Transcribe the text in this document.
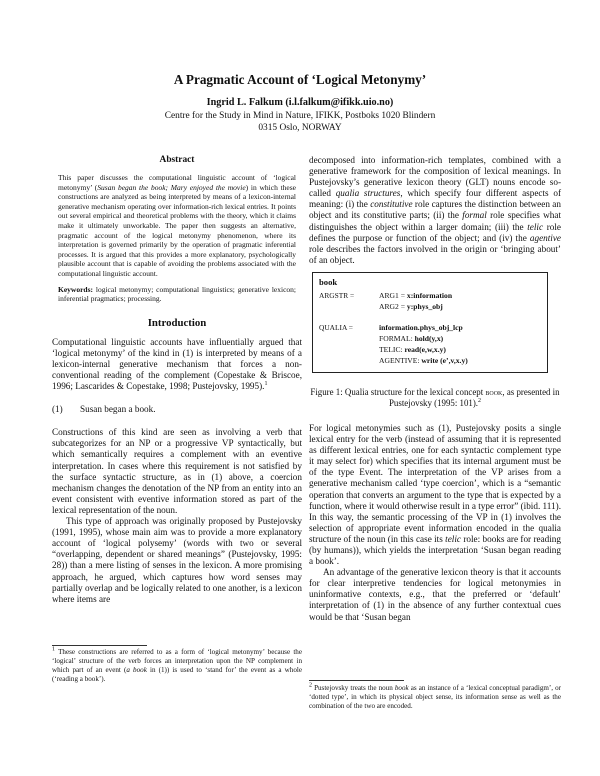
A Pragmatic Account of ‘Logical Metonymy’
Ingrid L. Falkum (i.l.falkum@ifikk.uio.no)
Centre for the Study in Mind in Nature, IFIKK, Postboks 1020 Blindern
0315 Oslo, NORWAY
Abstract
This paper discusses the computational linguistic account of ‘logical metonymy’ (Susan began the book; Mary enjoyed the movie) in which these constructions are analyzed as being interpreted by means of a lexicon-internal generative mechanism operating over information-rich lexical entries. It points out several empirical and theoretical problems with the theory, which it claims make it ultimately unworkable. The paper then suggests an alternative, pragmatic account of the logical metonymy phenomenon, where its interpretation is governed primarily by the operation of pragmatic inferential processes. It is argued that this provides a more explanatory, psychologically plausible account that is capable of avoiding the problems associated with the computational linguistic account.
Keywords: logical metonymy; computational linguistics; generative lexicon; inferential pragmatics; processing.
Introduction

Computational linguistic accounts have influentially argued that ‘logical metonymy’ of the kind in (1) is interpreted by means of a lexicon-internal generative mechanism that forces a non-conventional reading of the complement (Copestake & Briscoe, 1996; Lascarides & Copestake, 1998; Pustejovsky, 1995).$^1$

(1) Susan began a book.

Constructions of this kind are seen as involving a verb that subcategorizes for an NP or a progressive VP syntactically, but which semantically requires a complement with an eventive interpretation. In cases where this requirement is not satisfied by the surface syntactic structure, as in (1) above, a coercion mechanism changes the denotation of the NP from an entity into an event consistent with eventive information stored as part of the lexical representation of the noun.

This type of approach was originally proposed by Pustejovsky (1991, 1995), whose main aim was to provide a more explanatory account of ‘logical polysemy’ (words with two or several “overlapping, dependent or shared meanings” (Pustejovsky, 1995: 28)) than a mere listing of senses in the lexicon. A more promising approach, he argued, which captures how word senses may partially overlap and be logically related to one another, is a lexicon where items are

$^1$ These constructions are referred to as a form of ‘logical metonymy’ because the ‘logical’ structure of the verb forces an interpretation upon the NP complement in which part of an event (a book in (1)) is used to ‘stand for’ the event as a whole (‘reading a book’).

decomposed into information-rich templates, combined with a generative framework for the composition of lexical meanings. In Pustejovsky’s generative lexicon theory (GLT) nouns encode so-called qualia structures, which specify four different aspects of meaning: (i) the constitutive role captures the distinction between an object and its constitutive parts; (ii) the formal role specifies what distinguishes the object within a larger domain; (iii) the telic role defines the purpose or function of the object; and (iv) the agentive role describes the factors involved in the origin or ‘bringing about’ of an object.

book
ARGSTR =	ARG1 = x:information
ARG2 = y:phys_obj
QUALIA =	information.phys_obj_lcp
FORMAL: hold(y,x)
TELIC: read(e,w,x.y)
AGENTIVE: write (e’,v,x.y)
Figure 1: Qualia structure for the lexical concept book, as presented in Pustejovsky (1995: 101).$^2$

For logical metonymies such as (1), Pustejovsky posits a single lexical entry for the verb (instead of assuming that it is represented as different lexical entries, one for each syntactic complement type it may select for) which specifies that its internal argument must be of the type Event. The interpretation of the VP arises from a generative mechanism called ‘type coercion’, which is a “semantic operation that converts an argument to the type that is expected by a function, where it would otherwise result in a type error” (ibid. 111). In this way, the semantic processing of the VP in (1) involves the selection of appropriate event information encoded in the qualia structure of the noun (in this case its telic role: books are for reading (by humans)), which yields the interpretation ‘Susan began reading a book’.

An advantage of the generative lexicon theory is that it accounts for clear interpretive tendencies for logical metonymies in uninformative contexts, e.g., that the preferred or ‘default’ interpretation of (1) in the absence of any further contextual cues would be that ‘Susan began

$^2$ Pustejovsky treats the noun book as an instance of a ‘lexical conceptual paradigm’, or ‘dotted type’, in which its physical object sense, its information sense as well as the combination of the two are encoded.
